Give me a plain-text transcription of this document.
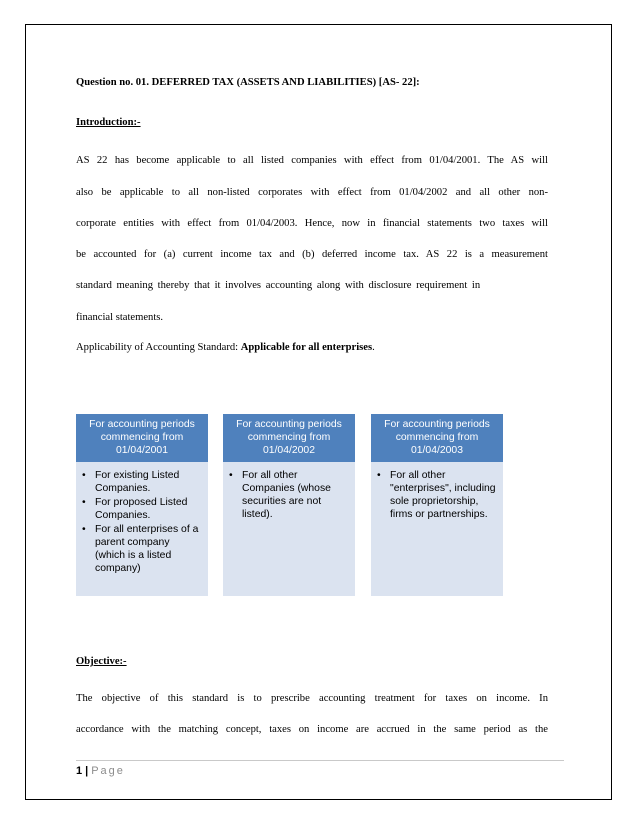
Question no. 01. DEFERRED TAX (ASSETS AND LIABILITIES) [AS- 22]:
Introduction:-
AS 22 has become applicable to all listed companies with effect from 01/04/2001. The AS will
also be applicable to all non-listed corporates with effect from 01/04/2002 and all other non-
corporate entities with effect from 01/04/2003. Hence, now in financial statements two taxes will
be accounted for (a) current income tax and (b) deferred income tax. AS 22 is a measurement
standard meaning thereby that it involves accounting along with disclosure requirement in
financial statements.
Applicability of Accounting Standard: Applicable for all enterprises.
For accounting periods commencing from 01/04/2001
• For existing Listed Companies.
• For proposed Listed Companies.
• For all enterprises of a parent company (which is a listed company)
For accounting periods commencing from 01/04/2002
• For all other Companies (whose securities are not listed).
For accounting periods commencing from 01/04/2003
• For all other "enterprises", including sole proprietorship, firms or partnerships.
Objective:-
The objective of this standard is to prescribe accounting treatment for taxes on income. In
accordance with the matching concept, taxes on income are accrued in the same period as the
1 | Page
